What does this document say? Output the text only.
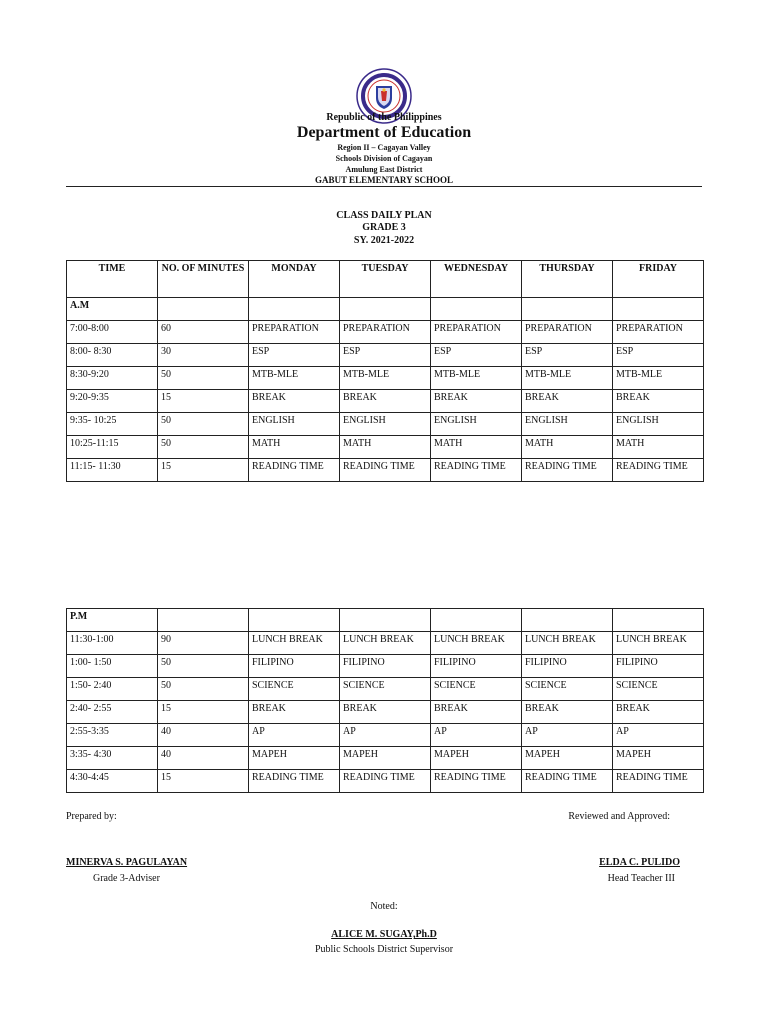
Republic of the Philippines
Department of Education
Region II – Cagayan Valley
Schools Division of Cagayan
Amulung East District
GABUT ELEMENTARY SCHOOL
CLASS DAILY PLAN
GRADE 3
SY. 2021-2022
TIME	NO. OF MINUTES	MONDAY	TUESDAY	WEDNESDAY	THURSDAY	FRIDAY
A.M						
7:00-8:00	60	PREPARATION	PREPARATION	PREPARATION	PREPARATION	PREPARATION
8:00- 8:30	30	ESP	ESP	ESP	ESP	ESP
8:30-9:20	50	MTB-MLE	MTB-MLE	MTB-MLE	MTB-MLE	MTB-MLE
9:20-9:35	15	BREAK	BREAK	BREAK	BREAK	BREAK
9:35- 10:25	50	ENGLISH	ENGLISH	ENGLISH	ENGLISH	ENGLISH
10:25-11:15	50	MATH	MATH	MATH	MATH	MATH
11:15- 11:30	15	READING TIME	READING TIME	READING TIME	READING TIME	READING TIME
P.M						
11:30-1:00	90	LUNCH BREAK	LUNCH BREAK	LUNCH BREAK	LUNCH BREAK	LUNCH BREAK
1:00- 1:50	50	FILIPINO	FILIPINO	FILIPINO	FILIPINO	FILIPINO
1:50- 2:40	50	SCIENCE	SCIENCE	SCIENCE	SCIENCE	SCIENCE
2:40- 2:55	15	BREAK	BREAK	BREAK	BREAK	BREAK
2:55-3:35	40	AP	AP	AP	AP	AP
3:35- 4:30	40	MAPEH	MAPEH	MAPEH	MAPEH	MAPEH
4:30-4:45	15	READING TIME	READING TIME	READING TIME	READING TIME	READING TIME
Prepared by:	Reviewed and Approved:
MINERVA S. PAGULAYAN
Grade 3-Adviser
ELDA C. PULIDO
Head Teacher III
Noted:
ALICE M. SUGAY,Ph.D
Public Schools District Supervisor
